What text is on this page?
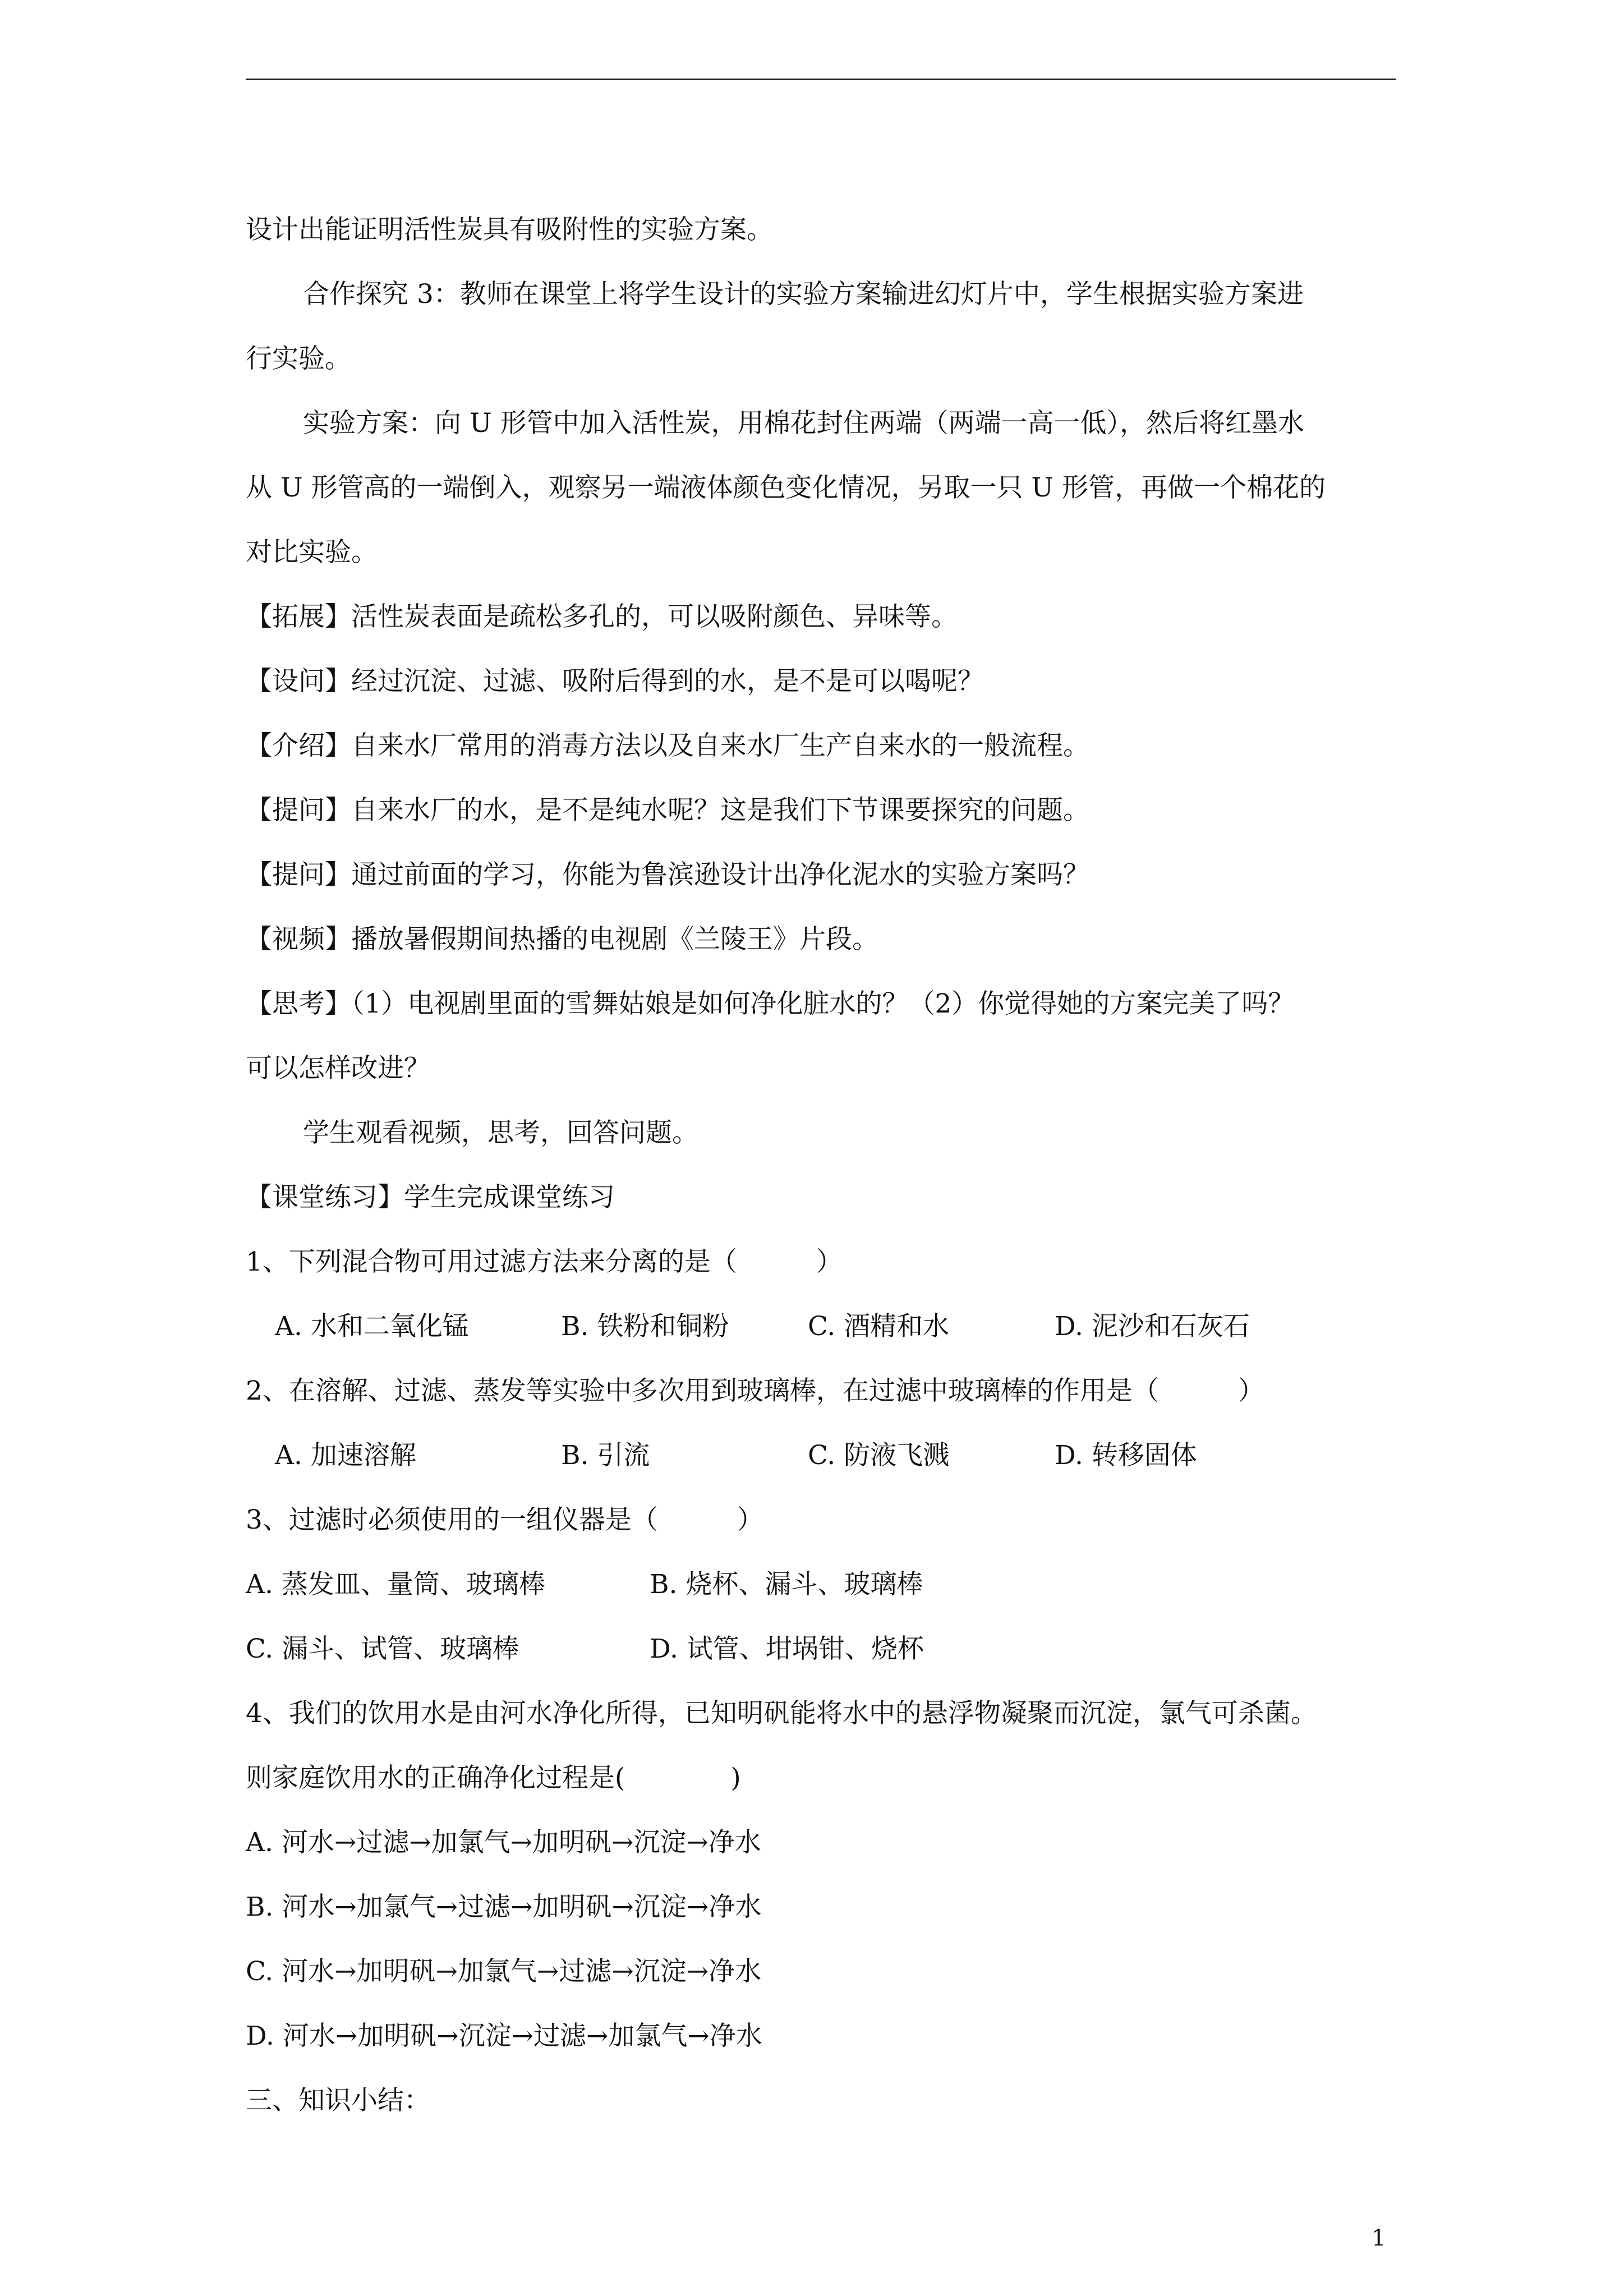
设计出能证明活性炭具有吸附性的实验方案。
合作探究 3：教师在课堂上将学生设计的实验方案输进幻灯片中，学生根据实验方案进
行实验。
实验方案：向 U 形管中加入活性炭，用棉花封住两端（两端一高一低），然后将红墨水
从 U 形管高的一端倒入，观察另一端液体颜色变化情况，另取一只 U 形管，再做一个棉花的
对比实验。
【拓展】活性炭表面是疏松多孔的，可以吸附颜色、异味等。
【设问】经过沉淀、过滤、吸附后得到的水，是不是可以喝呢？
【介绍】自来水厂常用的消毒方法以及自来水厂生产自来水的一般流程。
【提问】自来水厂的水，是不是纯水呢？这是我们下节课要探究的问题。
【提问】通过前面的学习，你能为鲁滨逊设计出净化泥水的实验方案吗？
【视频】播放暑假期间热播的电视剧《兰陵王》片段。
【思考】（1）电视剧里面的雪舞姑娘是如何净化脏水的？（2）你觉得她的方案完美了吗？
可以怎样改进？
学生观看视频，思考，回答问题。
【课堂练习】学生完成课堂练习
1、下列混合物可用过滤方法来分离的是（　　　）
A. 水和二氧化锰	B. 铁粉和铜粉	C. 酒精和水	D. 泥沙和石灰石
2、在溶解、过滤、蒸发等实验中多次用到玻璃棒，在过滤中玻璃棒的作用是（　　　）
A. 加速溶解	B. 引流	C. 防液飞溅	D. 转移固体
3、过滤时必须使用的一组仪器是（　　　）
A. 蒸发皿、量筒、玻璃棒	B. 烧杯、漏斗、玻璃棒
C. 漏斗、试管、玻璃棒	D. 试管、坩埚钳、烧杯
4、我们的饮用水是由河水净化所得，已知明矾能将水中的悬浮物凝聚而沉淀，氯气可杀菌。
则家庭饮用水的正确净化过程是(　　　　)
A. 河水→过滤→加氯气→加明矾→沉淀→净水
B. 河水→加氯气→过滤→加明矾→沉淀→净水
C. 河水→加明矾→加氯气→过滤→沉淀→净水
D. 河水→加明矾→沉淀→过滤→加氯气→净水
三、知识小结：
1
